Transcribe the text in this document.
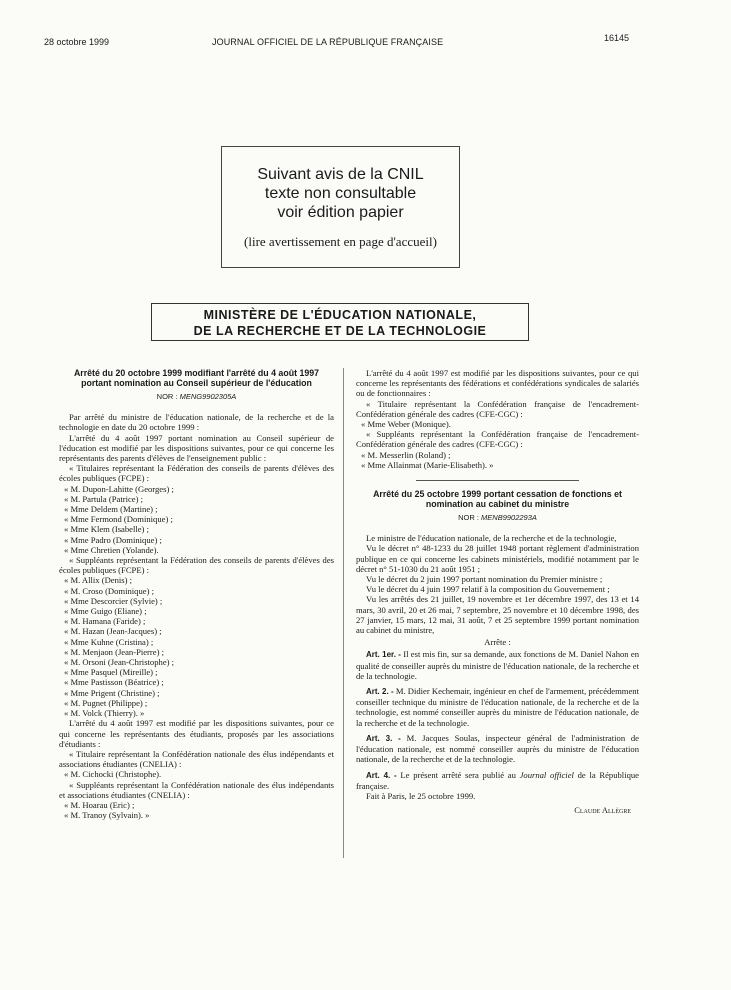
28 octobre 1999	JOURNAL OFFICIEL DE LA RÉPUBLIQUE FRANÇAISE	16145
Suivant avis de la CNIL
texte non consultable
voir édition papier
(lire avertissement en page d'accueil)
MINISTÈRE DE L'ÉDUCATION NATIONALE,
DE LA RECHERCHE ET DE LA TECHNOLOGIE
Arrêté du 20 octobre 1999 modifiant l'arrêté du 4 août 1997 portant nomination au Conseil supérieur de l'éducation
NOR : MENG9902305A

Par arrêté du ministre de l'éducation nationale, de la recherche et de la technologie en date du 20 octobre 1999 :

L'arrêté du 4 août 1997 portant nomination au Conseil supérieur de l'éducation est modifié par les dispositions suivantes, pour ce qui concerne les représentants des parents d'élèves de l'enseignement public :

« Titulaires représentant la Fédération des conseils de parents d'élèves des écoles publiques (FCPE) :

« M. Dupon-Lahitte (Georges) ;

« M. Partula (Patrice) ;

« Mme Deldem (Martine) ;

« Mme Fermond (Dominique) ;

« Mme Klem (Isabelle) ;

« Mme Padro (Dominique) ;

« Mme Chretien (Yolande).

« Suppléants représentant la Fédération des conseils de parents d'élèves des écoles publiques (FCPE) :

« M. Allix (Denis) ;

« M. Croso (Dominique) ;

« Mme Descorcier (Sylvie) ;

« Mme Guigo (Eliane) ;

« M. Hamana (Faride) ;

« M. Hazan (Jean-Jacques) ;

« Mme Kuhne (Cristina) ;

« M. Menjaon (Jean-Pierre) ;

« M. Orsoni (Jean-Christophe) ;

« Mme Pasquel (Mireille) ;

« Mme Pastisson (Béatrice) ;

« Mme Prigent (Christine) ;

« M. Pugnet (Philippe) ;

« M. Volck (Thierry). »

L'arrêté du 4 août 1997 est modifié par les dispositions suivantes, pour ce qui concerne les représentants des étudiants, proposés par les associations d'étudiants :

« Titulaire représentant la Confédération nationale des élus indépendants et associations étudiantes (CNELIA) :

« M. Cichocki (Christophe).

« Suppléants représentant la Confédération nationale des élus indépendants et associations étudiantes (CNELIA) :

« M. Hoarau (Eric) ;

« M. Tranoy (Sylvain). »

L'arrêté du 4 août 1997 est modifié par les dispositions suivantes, pour ce qui concerne les représentants des fédérations et confédérations syndicales de salariés ou de fonctionnaires :

« Titulaire représentant la Confédération française de l'encadrement-Confédération générale des cadres (CFE-CGC) :

« Mme Weber (Monique).

« Suppléants représentant la Confédération française de l'encadrement-Confédération générale des cadres (CFE-CGC) :

« M. Messerlin (Roland) ;

« Mme Allainmat (Marie-Elisabeth). »

Arrêté du 25 octobre 1999 portant cessation de fonctions et nomination au cabinet du ministre
NOR : MENB9902293A

Le ministre de l'éducation nationale, de la recherche et de la technologie,

Vu le décret n° 48-1233 du 28 juillet 1948 portant règlement d'administration publique en ce qui concerne les cabinets ministériels, modifié notamment par le décret n° 51-1030 du 21 août 1951 ;

Vu le décret du 2 juin 1997 portant nomination du Premier ministre ;

Vu le décret du 4 juin 1997 relatif à la composition du Gouvernement ;

Vu les arrêtés des 21 juillet, 19 novembre et 1er décembre 1997, des 13 et 14 mars, 30 avril, 20 et 26 mai, 7 septembre, 25 novembre et 10 décembre 1998, des 27 janvier, 15 mars, 12 mai, 31 août, 7 et 25 septembre 1999 portant nomination au cabinet du ministre,

Arrête :

Art. 1er. - Il est mis fin, sur sa demande, aux fonctions de M. Daniel Nahon en qualité de conseiller auprès du ministre de l'éducation nationale, de la recherche et de la technologie.

Art. 2. - M. Didier Kechemair, ingénieur en chef de l'armement, précédemment conseiller technique du ministre de l'éducation nationale, de la recherche et de la technologie, est nommé conseiller auprès du ministre de l'éducation nationale, de la recherche et de la technologie.

Art. 3. - M. Jacques Soulas, inspecteur général de l'administration de l'éducation nationale, est nommé conseiller auprès du ministre de l'éducation nationale, de la recherche et de la technologie.

Art. 4. - Le présent arrêté sera publié au Journal officiel de la République française.

Fait à Paris, le 25 octobre 1999.

Claude Allègre
